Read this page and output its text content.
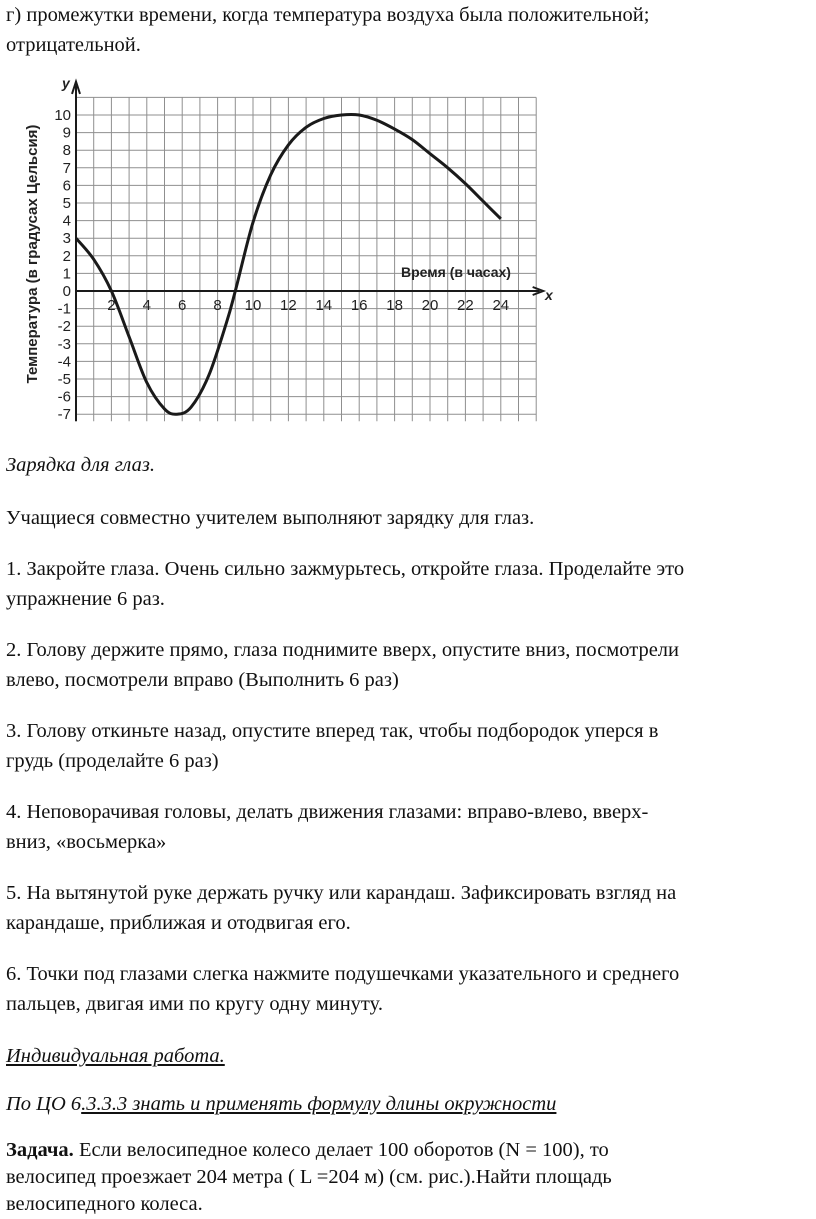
г) промежутки времени, когда температура воздуха была положительной;

отрицательной.

2 4 6 8 10 12 14 16 18 20 22 24
-7
-6
-5
-4
-3
-2
-1
0
1
2
3
4
5
6
7
8
9
10
Температура (в градусах Цельсия)	Время (в часах)
y
x

Зарядка для глаз.

Учащиеся совместно учителем выполняют зарядку для глаз.

1. Закройте глаза. Очень сильно зажмурьтесь, откройте глаза. Проделайте это

упражнение 6 раз.

2. Голову держите прямо, глаза поднимите вверх, опустите вниз, посмотрели

влево, посмотрели вправо (Выполнить 6 раз)

3. Голову откиньте назад, опустите вперед так, чтобы подбородок уперся в

грудь (проделайте 6 раз)

4. Неповорачивая головы, делать движения глазами: вправо-влево, вверх-

вниз, «восьмерка»

5. На вытянутой руке держать ручку или карандаш. Зафиксировать взгляд на

карандаше, приближая и отодвигая его.

6. Точки под глазами слегка нажмите подушечками указательного и среднего

пальцев, двигая ими по кругу одну минуту.

Индивидуальная работа.

По ЦО 6.3.3.3 знать и применять формулу длины окружности

Задача. Если велосипедное колесо делает 100 оборотов (N = 100), то

велосипед проезжает 204 метра ( L =204 м) (см. рис.).Найти площадь

велосипедного колеса.
